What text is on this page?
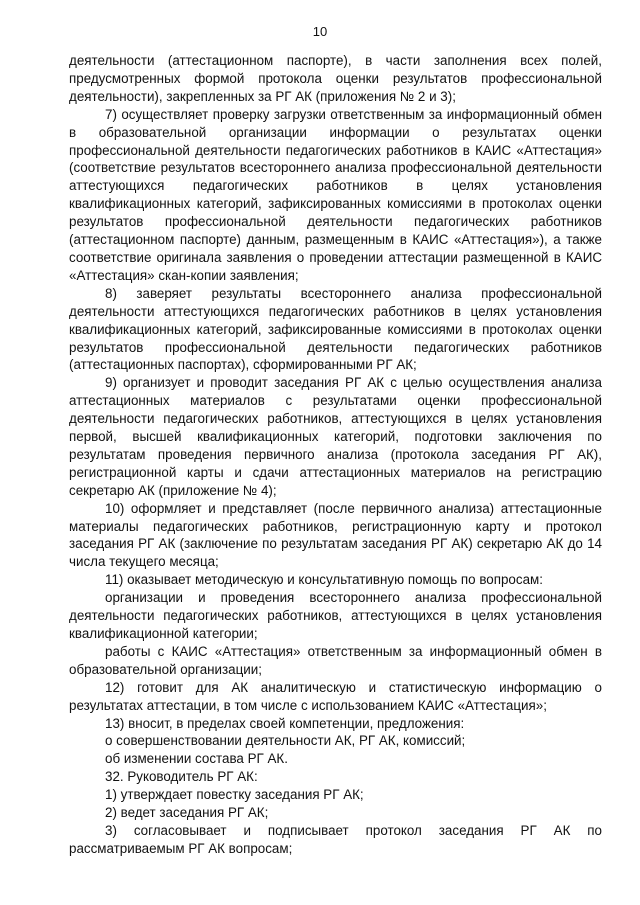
10

деятельности (аттестационном паспорте), в части заполнения всех полей, предусмотренных формой протокола оценки результатов профессиональной деятельности), закрепленных за РГ АК (приложения № 2 и 3);

7) осуществляет проверку загрузки ответственным за информационный обмен в образовательной организации информации о результатах оценки профессиональной деятельности педагогических работников в КАИС «Аттестация» (соответствие результатов всестороннего анализа профессиональной деятельности аттестующихся педагогических работников в целях установления квалификационных категорий, зафиксированных комиссиями в протоколах оценки результатов профессиональной деятельности педагогических работников (аттестационном паспорте) данным, размещенным в КАИС «Аттестация»), а также соответствие оригинала заявления о проведении аттестации размещенной в КАИС «Аттестация» скан-копии заявления;

8) заверяет результаты всестороннего анализа профессиональной деятельности аттестующихся педагогических работников в целях установления квалификационных категорий, зафиксированные комиссиями в протоколах оценки результатов профессиональной деятельности педагогических работников (аттестационных паспортах), сформированными РГ АК;

9) организует и проводит заседания РГ АК с целью осуществления анализа аттестационных материалов с результатами оценки профессиональной деятельности педагогических работников, аттестующихся в целях установления первой, высшей квалификационных категорий, подготовки заключения по результатам проведения первичного анализа (протокола заседания РГ АК), регистрационной карты и сдачи аттестационных материалов на регистрацию секретарю АК (приложение № 4);

10) оформляет и представляет (после первичного анализа) аттестационные материалы педагогических работников, регистрационную карту и протокол заседания РГ АК (заключение по результатам заседания РГ АК) секретарю АК до 14 числа текущего месяца;

11) оказывает методическую и консультативную помощь по вопросам:

организации и проведения всестороннего анализа профессиональной деятельности педагогических работников, аттестующихся в целях установления квалификационной категории;

работы с КАИС «Аттестация» ответственным за информационный обмен в образовательной организации;

12) готовит для АК аналитическую и статистическую информацию о результатах аттестации, в том числе с использованием КАИС «Аттестация»;

13) вносит, в пределах своей компетенции, предложения:

о совершенствовании деятельности АК, РГ АК, комиссий;

об изменении состава РГ АК.

32. Руководитель РГ АК:

1) утверждает повестку заседания РГ АК;

2) ведет заседания РГ АК;

3) согласовывает и подписывает протокол заседания РГ АК по рассматриваемым РГ АК вопросам;
